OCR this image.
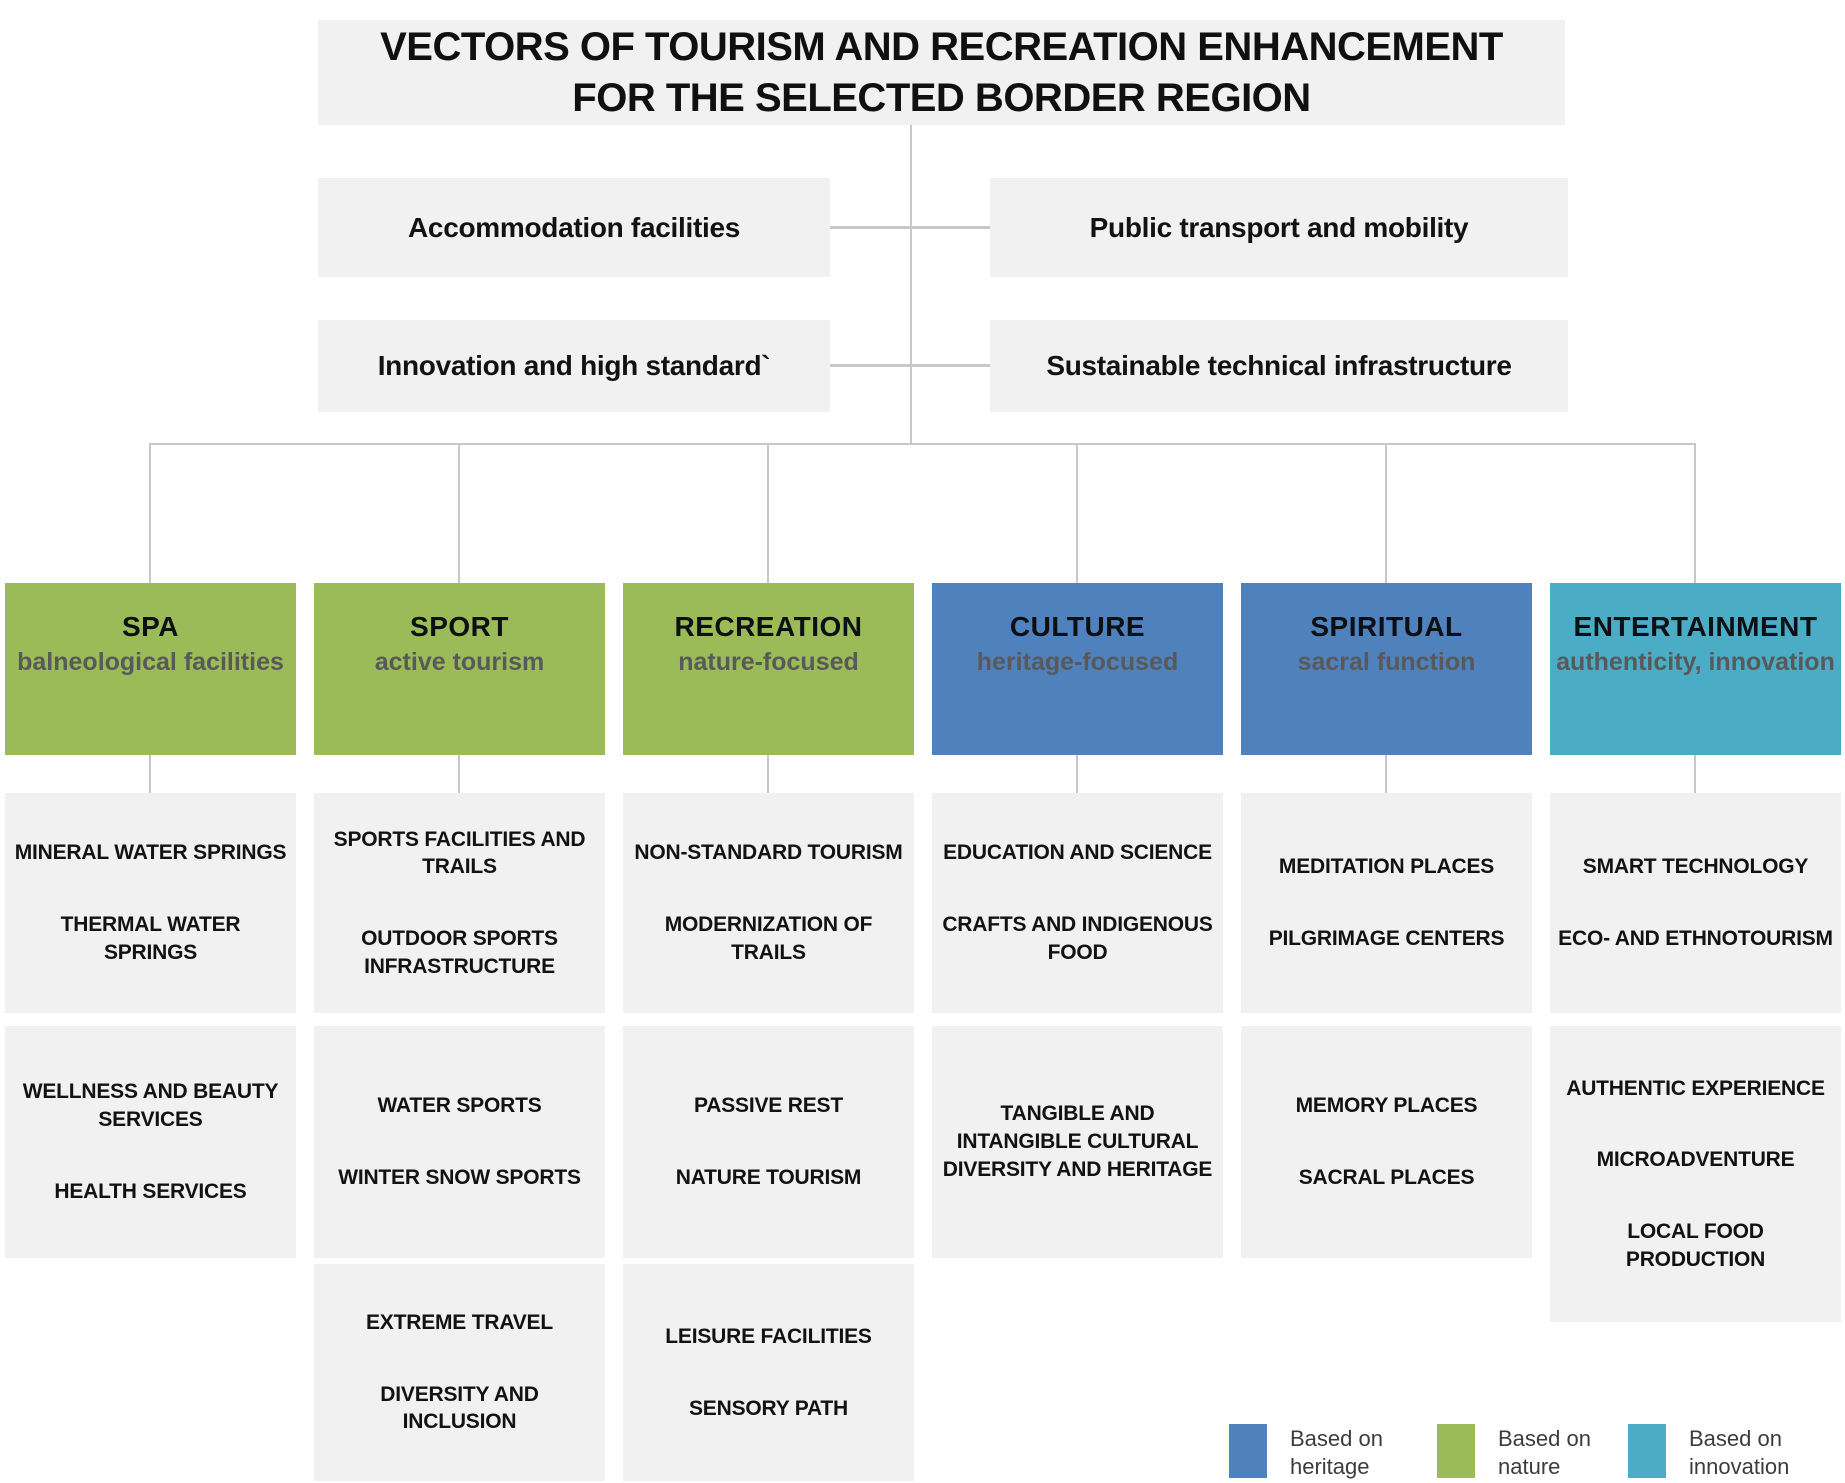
VECTORS OF TOURISM AND RECREATION ENHANCEMENT
FOR THE SELECTED BORDER REGION
Accommodation facilities	Public transport and mobility
Innovation and high standard`	Sustainable technical infrastructure
SPA
balneological facilities
SPORT
active tourism
RECREATION
nature-focused
CULTURE
heritage-focused
SPIRITUAL
sacral function
ENTERTAINMENT
authenticity, innovation

MINERAL WATER SPRINGS

THERMAL WATER SPRINGS

WELLNESS AND BEAUTY SERVICES

HEALTH SERVICES

SPORTS FACILITIES AND TRAILS

OUTDOOR SPORTS INFRASTRUCTURE

WATER SPORTS

WINTER SNOW SPORTS

EXTREME TRAVEL

DIVERSITY AND INCLUSION

NON-STANDARD TOURISM

MODERNIZATION OF TRAILS

PASSIVE REST

NATURE TOURISM

LEISURE FACILITIES

SENSORY PATH

EDUCATION AND SCIENCE

CRAFTS AND INDIGENOUS FOOD

TANGIBLE AND INTANGIBLE CULTURAL DIVERSITY AND HERITAGE

MEDITATION PLACES

PILGRIMAGE CENTERS

MEMORY PLACES

SACRAL PLACES

SMART TECHNOLOGY

ECO- AND ETHNOTOURISM

AUTHENTIC EXPERIENCE

MICROADVENTURE

LOCAL FOOD PRODUCTION

Based on heritage
Based on nature
Based on innovation
